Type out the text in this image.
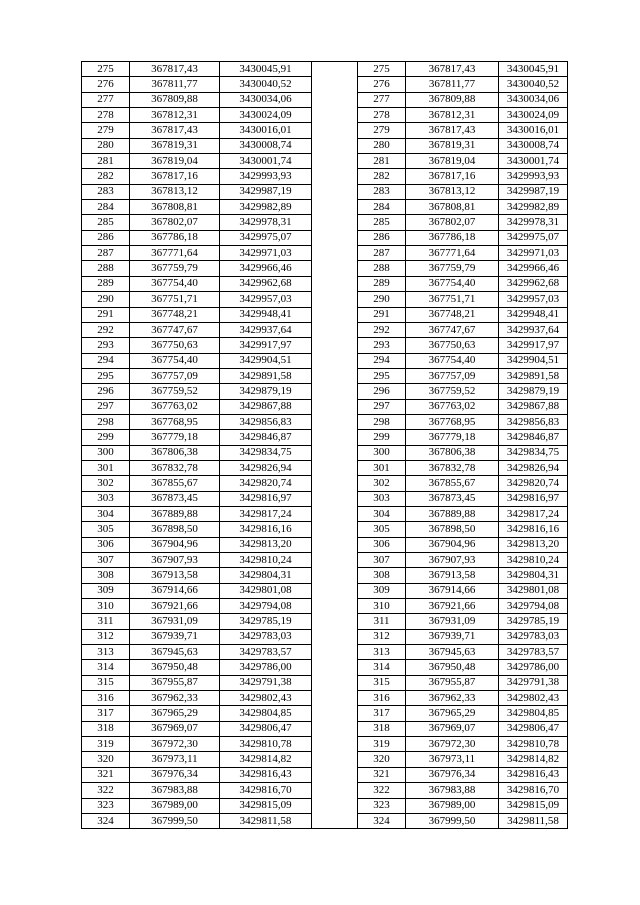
275	367817,43	3430045,91		275	367817,43	3430045,91
276	367811,77	3430040,52		276	367811,77	3430040,52
277	367809,88	3430034,06		277	367809,88	3430034,06
278	367812,31	3430024,09		278	367812,31	3430024,09
279	367817,43	3430016,01		279	367817,43	3430016,01
280	367819,31	3430008,74		280	367819,31	3430008,74
281	367819,04	3430001,74		281	367819,04	3430001,74
282	367817,16	3429993,93		282	367817,16	3429993,93
283	367813,12	3429987,19		283	367813,12	3429987,19
284	367808,81	3429982,89		284	367808,81	3429982,89
285	367802,07	3429978,31		285	367802,07	3429978,31
286	367786,18	3429975,07		286	367786,18	3429975,07
287	367771,64	3429971,03		287	367771,64	3429971,03
288	367759,79	3429966,46		288	367759,79	3429966,46
289	367754,40	3429962,68		289	367754,40	3429962,68
290	367751,71	3429957,03		290	367751,71	3429957,03
291	367748,21	3429948,41		291	367748,21	3429948,41
292	367747,67	3429937,64		292	367747,67	3429937,64
293	367750,63	3429917,97		293	367750,63	3429917,97
294	367754,40	3429904,51		294	367754,40	3429904,51
295	367757,09	3429891,58		295	367757,09	3429891,58
296	367759,52	3429879,19		296	367759,52	3429879,19
297	367763,02	3429867,88		297	367763,02	3429867,88
298	367768,95	3429856,83		298	367768,95	3429856,83
299	367779,18	3429846,87		299	367779,18	3429846,87
300	367806,38	3429834,75		300	367806,38	3429834,75
301	367832,78	3429826,94		301	367832,78	3429826,94
302	367855,67	3429820,74		302	367855,67	3429820,74
303	367873,45	3429816,97		303	367873,45	3429816,97
304	367889,88	3429817,24		304	367889,88	3429817,24
305	367898,50	3429816,16		305	367898,50	3429816,16
306	367904,96	3429813,20		306	367904,96	3429813,20
307	367907,93	3429810,24		307	367907,93	3429810,24
308	367913,58	3429804,31		308	367913,58	3429804,31
309	367914,66	3429801,08		309	367914,66	3429801,08
310	367921,66	3429794,08		310	367921,66	3429794,08
311	367931,09	3429785,19		311	367931,09	3429785,19
312	367939,71	3429783,03		312	367939,71	3429783,03
313	367945,63	3429783,57		313	367945,63	3429783,57
314	367950,48	3429786,00		314	367950,48	3429786,00
315	367955,87	3429791,38		315	367955,87	3429791,38
316	367962,33	3429802,43		316	367962,33	3429802,43
317	367965,29	3429804,85		317	367965,29	3429804,85
318	367969,07	3429806,47		318	367969,07	3429806,47
319	367972,30	3429810,78		319	367972,30	3429810,78
320	367973,11	3429814,82		320	367973,11	3429814,82
321	367976,34	3429816,43		321	367976,34	3429816,43
322	367983,88	3429816,70		322	367983,88	3429816,70
323	367989,00	3429815,09		323	367989,00	3429815,09
324	367999,50	3429811,58		324	367999,50	3429811,58
